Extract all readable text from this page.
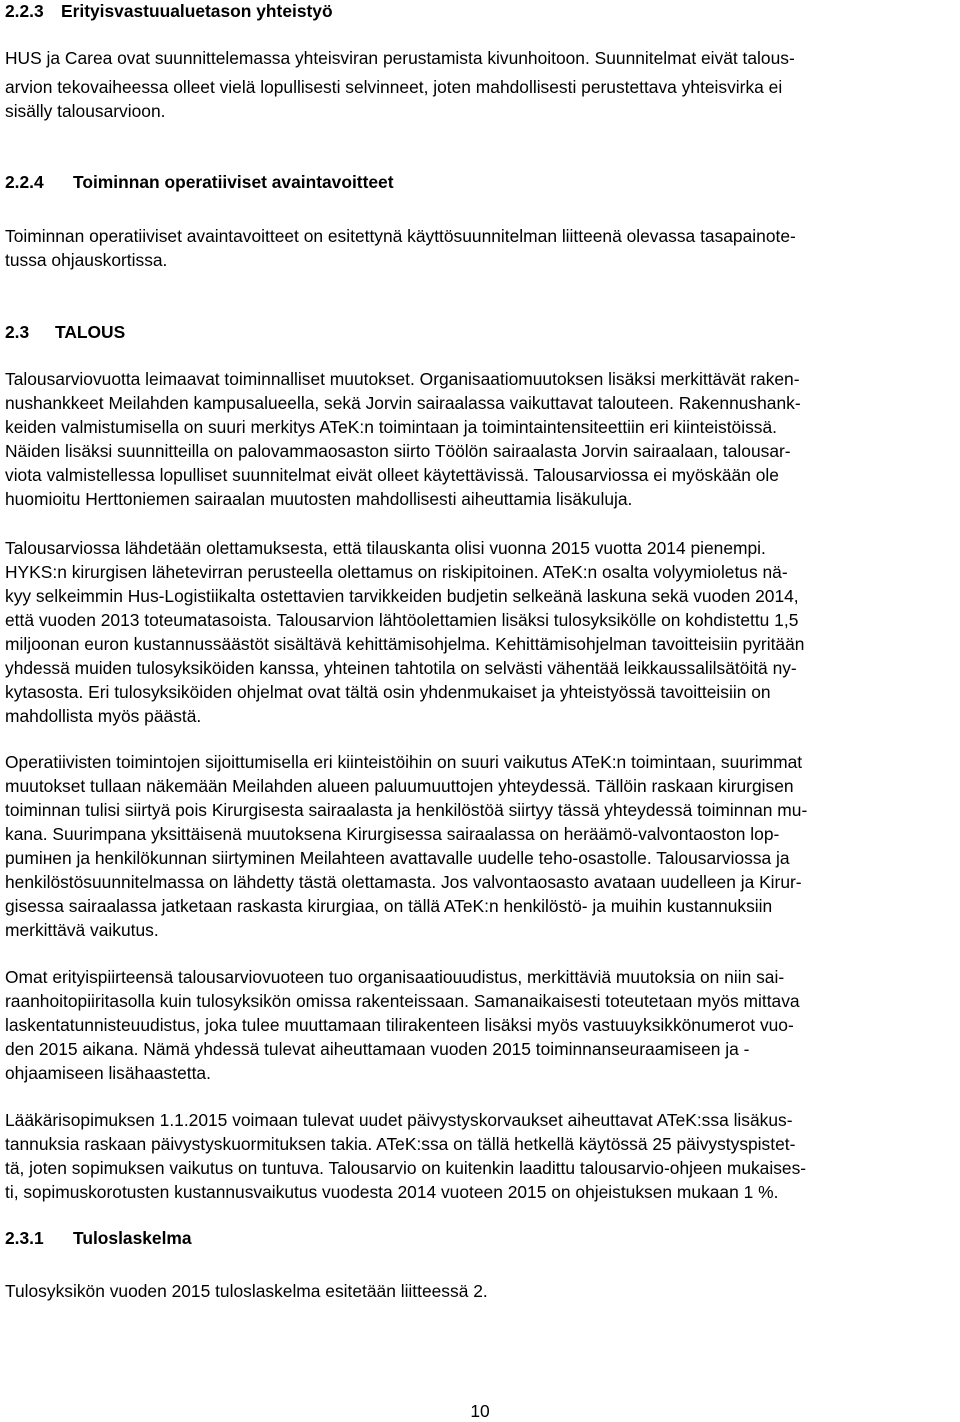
2.2.3 Erityisvastuualuetason yhteistyö

HUS ja Carea ovat suunnittelemassa yhteisviran perustamista kivunhoitoon. Suunnitelmat eivät talous-

arvion tekovaiheessa olleet vielä lopullisesti selvinneet, joten mahdollisesti perustettava yhteisvirka ei

sisälly talousarvioon.

2.2.4 Toiminnan operatiiviset avaintavoitteet

Toiminnan operatiiviset avaintavoitteet on esitettynä käyttösuunnitelman liitteenä olevassa tasapainote-

tussa ohjauskortissa.

2.3 TALOUS

Talousarviovuotta leimaavat toiminnalliset muutokset. Organisaatiomuutoksen lisäksi merkittävät raken-

nushankkeet Meilahden kampusalueella, sekä Jorvin sairaalassa vaikuttavat talouteen. Rakennushank-

keiden valmistumisella on suuri merkitys ATeK:n toimintaan ja toimintaintensiteettiin eri kiinteistöissä.

Näiden lisäksi suunnitteilla on palovammaosaston siirto Töölön sairaalasta Jorvin sairaalaan, talousar-

viota valmistellessa lopulliset suunnitelmat eivät olleet käytettävissä. Talousarviossa ei myöskään ole

huomioitu Herttoniemen sairaalan muutosten mahdollisesti aiheuttamia lisäkuluja.

Talousarviossa lähdetään olettamuksesta, että tilauskanta olisi vuonna 2015 vuotta 2014 pienempi.

HYKS:n kirurgisen lähetevirran perusteella olettamus on riskipitoinen. ATeK:n osalta volyymioletus nä-

kyy selkeimmin Hus-Logistiikalta ostettavien tarvikkeiden budjetin selkeänä laskuna sekä vuoden 2014,

että vuoden 2013 toteumatasoista. Talousarvion lähtöolettamien lisäksi tulosyksikölle on kohdistettu 1,5

miljoonan euron kustannussäästöt sisältävä kehittämisohjelma. Kehittämisohjelman tavoitteisiin pyritään

yhdessä muiden tulosyksiköiden kanssa, yhteinen tahtotila on selvästi vähentää leikkaussalilsätöitä ny-

kytasosta. Eri tulosyksiköiden ohjelmat ovat tältä osin yhdenmukaiset ja yhteistyössä tavoitteisiin on

mahdollista myös päästä.

Operatiivisten toimintojen sijoittumisella eri kiinteistöihin on suuri vaikutus ATeK:n toimintaan, suurimmat

muutokset tullaan näkemään Meilahden alueen paluumuuttojen yhteydessä. Tällöin raskaan kirurgisen

toiminnan tulisi siirtyä pois Kirurgisesta sairaalasta ja henkilöstöä siirtyy tässä yhteydessä toiminnan mu-

kana. Suurimpana yksittäisenä muutoksena Kirurgisessa sairaalassa on heräämö-valvontaoston lop-

pumінen ja henkilökunnan siirtyminen Meilahteen avattavalle uudelle teho-osastolle. Talousarviossa ja

henkilöstösuunnitelmassa on lähdetty tästä olettamasta. Jos valvontaosasto avataan uudelleen ja Kirur-

gisessa sairaalassa jatketaan raskasta kirurgiaa, on tällä ATeK:n henkilöstö- ja muihin kustannuksiin

merkittävä vaikutus.

Omat erityispiirteensä talousarviovuoteen tuo organisaatiouudistus, merkittäviä muutoksia on niin sai-

raanhoitopiiritasolla kuin tulosyksikön omissa rakenteissaan. Samanaikaisesti toteutetaan myös mittava

laskentatunnisteuudistus, joka tulee muuttamaan tilirakenteen lisäksi myös vastuuyksikkönumerot vuo-

den 2015 aikana. Nämä yhdessä tulevat aiheuttamaan vuoden 2015 toiminnanseuraamiseen ja -

ohjaamiseen lisähaastetta.

Lääkärisopimuksen 1.1.2015 voimaan tulevat uudet päivystyskorvaukset aiheuttavat ATeK:ssa lisäkus-

tannuksia raskaan päivystyskuormituksen takia. ATeK:ssa on tällä hetkellä käytössä 25 päivystyspistet-

tä, joten sopimuksen vaikutus on tuntuva. Talousarvio on kuitenkin laadittu talousarvio-ohjeen mukaises-

ti, sopimuskorotusten kustannusvaikutus vuodesta 2014 vuoteen 2015 on ohjeistuksen mukaan 1 %.

2.3.1 Tuloslaskelma

Tulosyksikön vuoden 2015 tuloslaskelma esitetään liitteessä 2.

10
